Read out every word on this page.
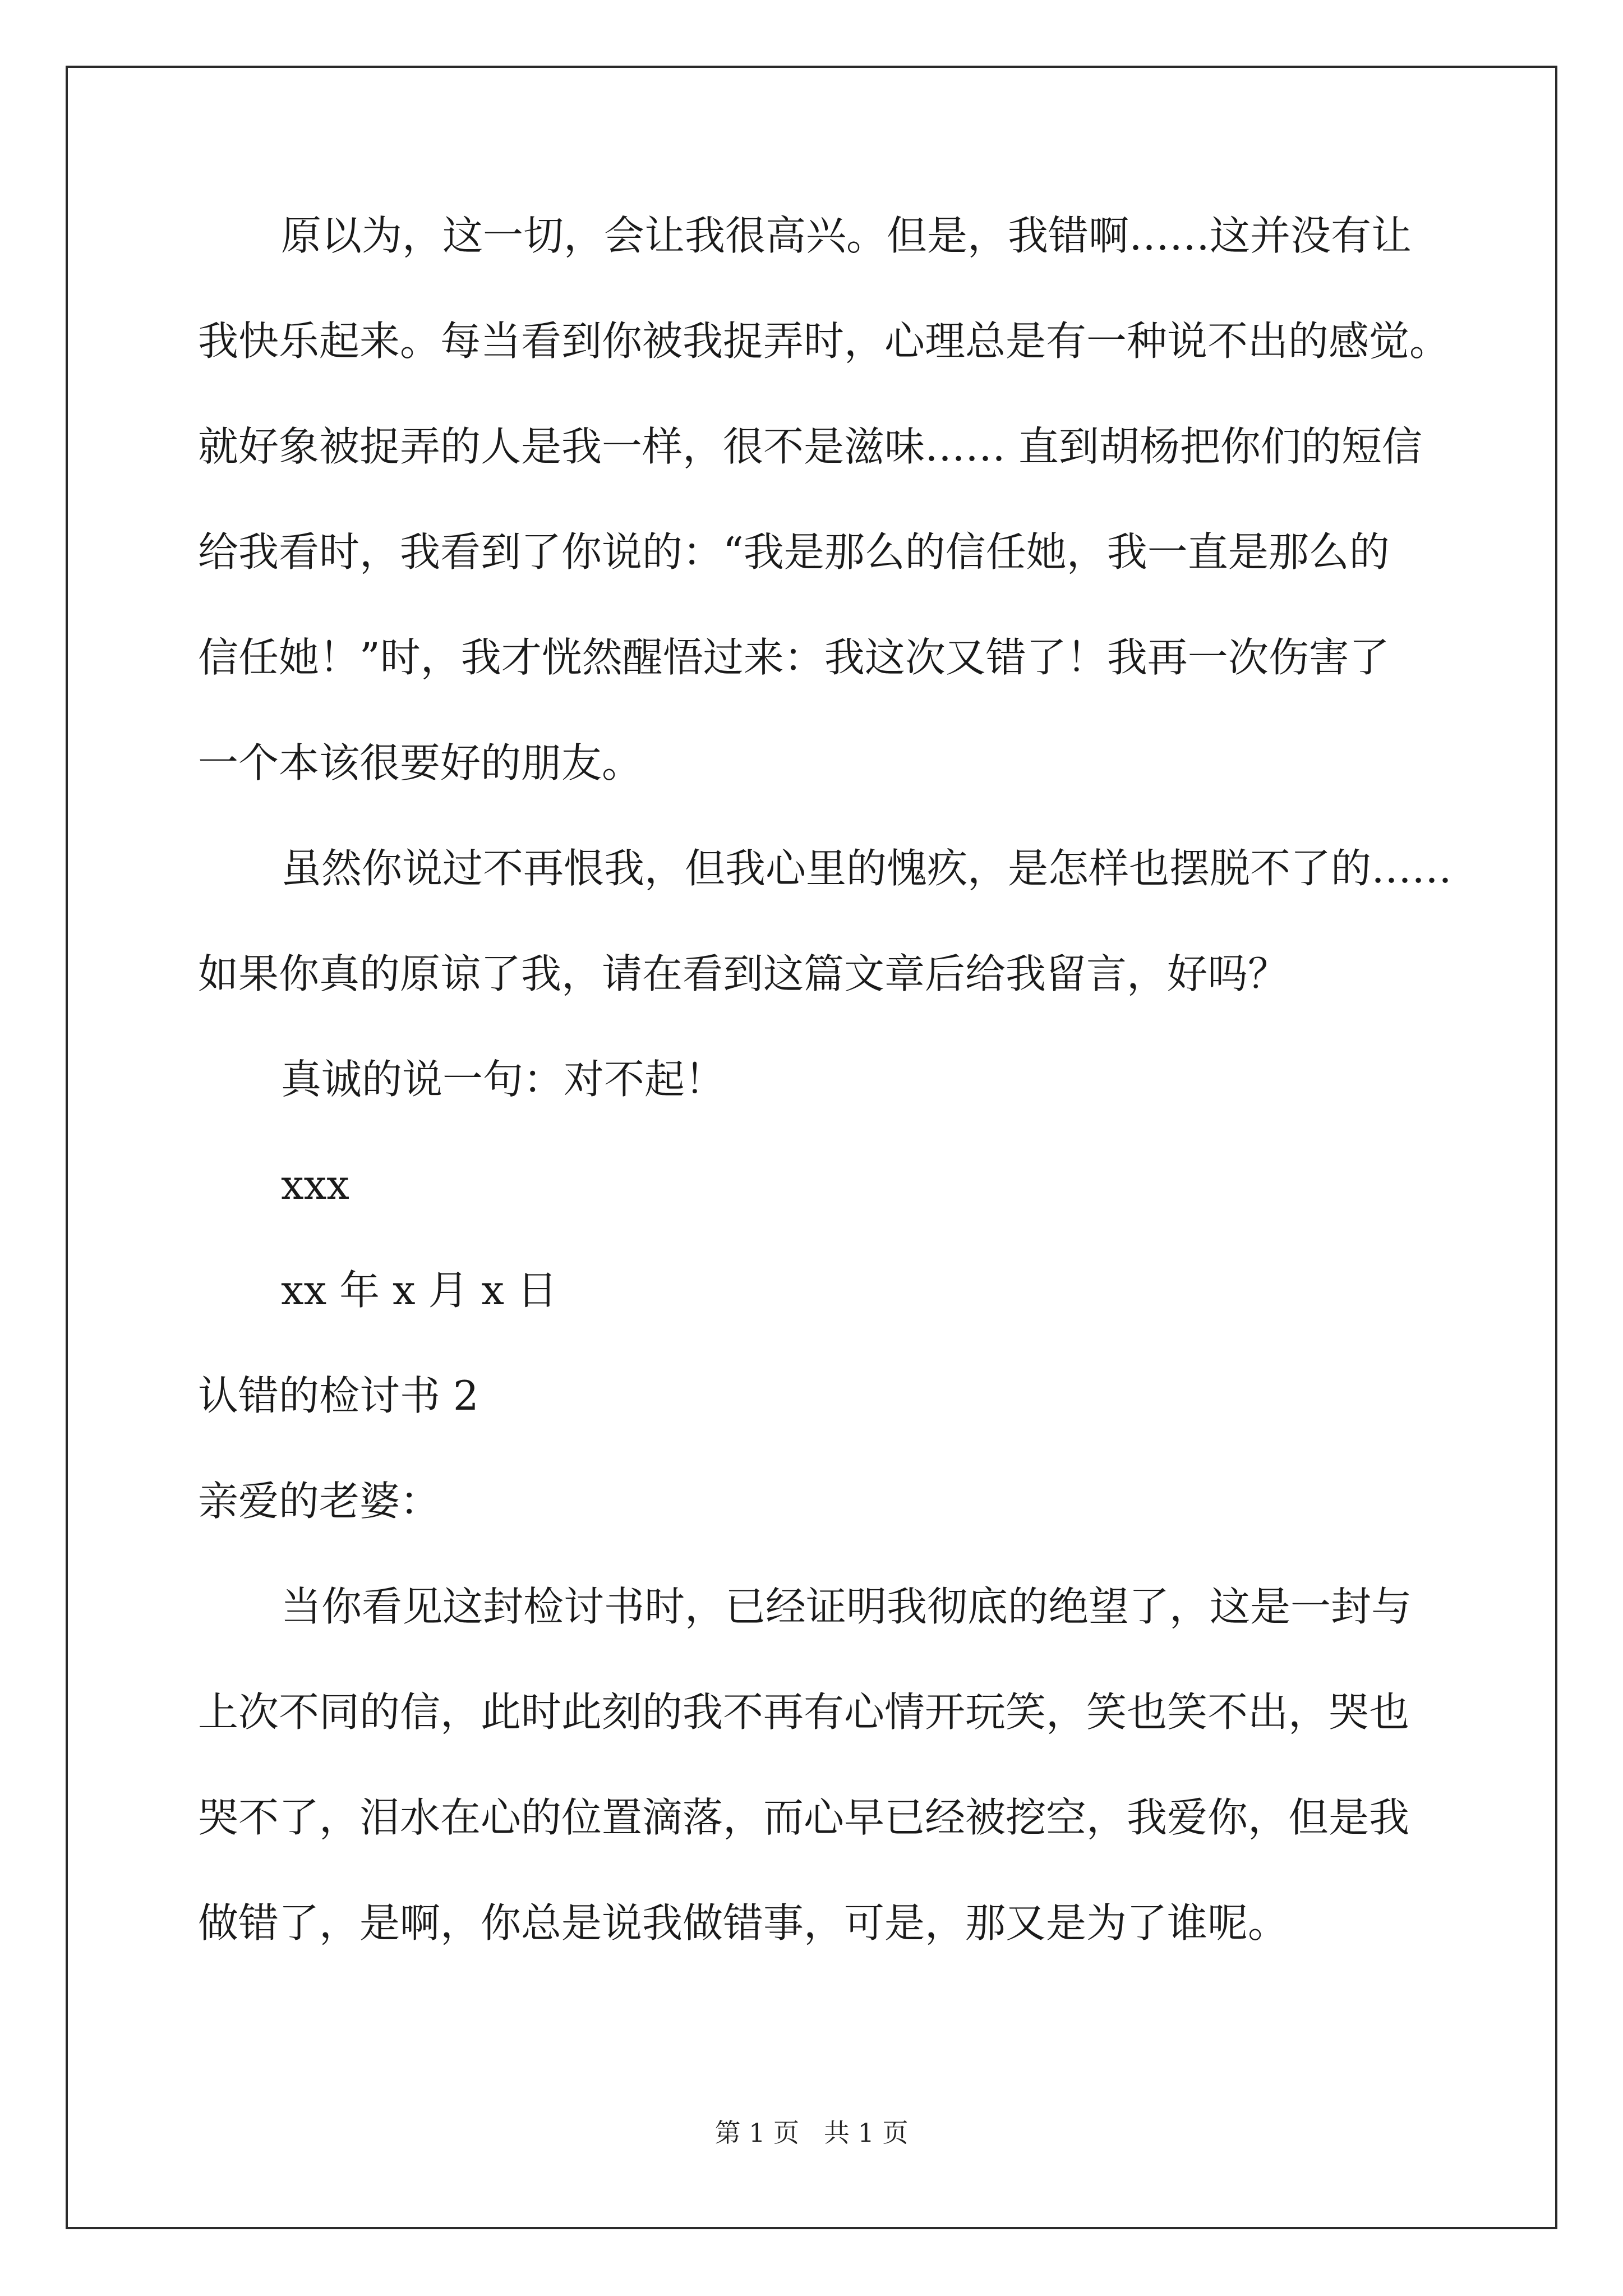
原以为，这一切，会让我很高兴。但是，我错啊……这并没有让
我快乐起来。每当看到你被我捉弄时，心理总是有一种说不出的感觉。
就好象被捉弄的人是我一样，很不是滋味…… 直到胡杨把你们的短信
给我看时，我看到了你说的：“我是那么的信任她，我一直是那么的
信任她！”时，我才恍然醒悟过来：我这次又错了！我再一次伤害了
一个本该很要好的朋友。
虽然你说过不再恨我，但我心里的愧疚，是怎样也摆脱不了的……
如果你真的原谅了我，请在看到这篇文章后给我留言，好吗？
真诚的说一句：对不起！
xxx
xx 年 x 月 x 日
认错的检讨书 2
亲爱的老婆：
当你看见这封检讨书时，已经证明我彻底的绝望了，这是一封与
上次不同的信，此时此刻的我不再有心情开玩笑，笑也笑不出，哭也
哭不了，泪水在心的位置滴落，而心早已经被挖空，我爱你，但是我
做错了，是啊，你总是说我做错事，可是，那又是为了谁呢。
第 1 页 共 1 页
